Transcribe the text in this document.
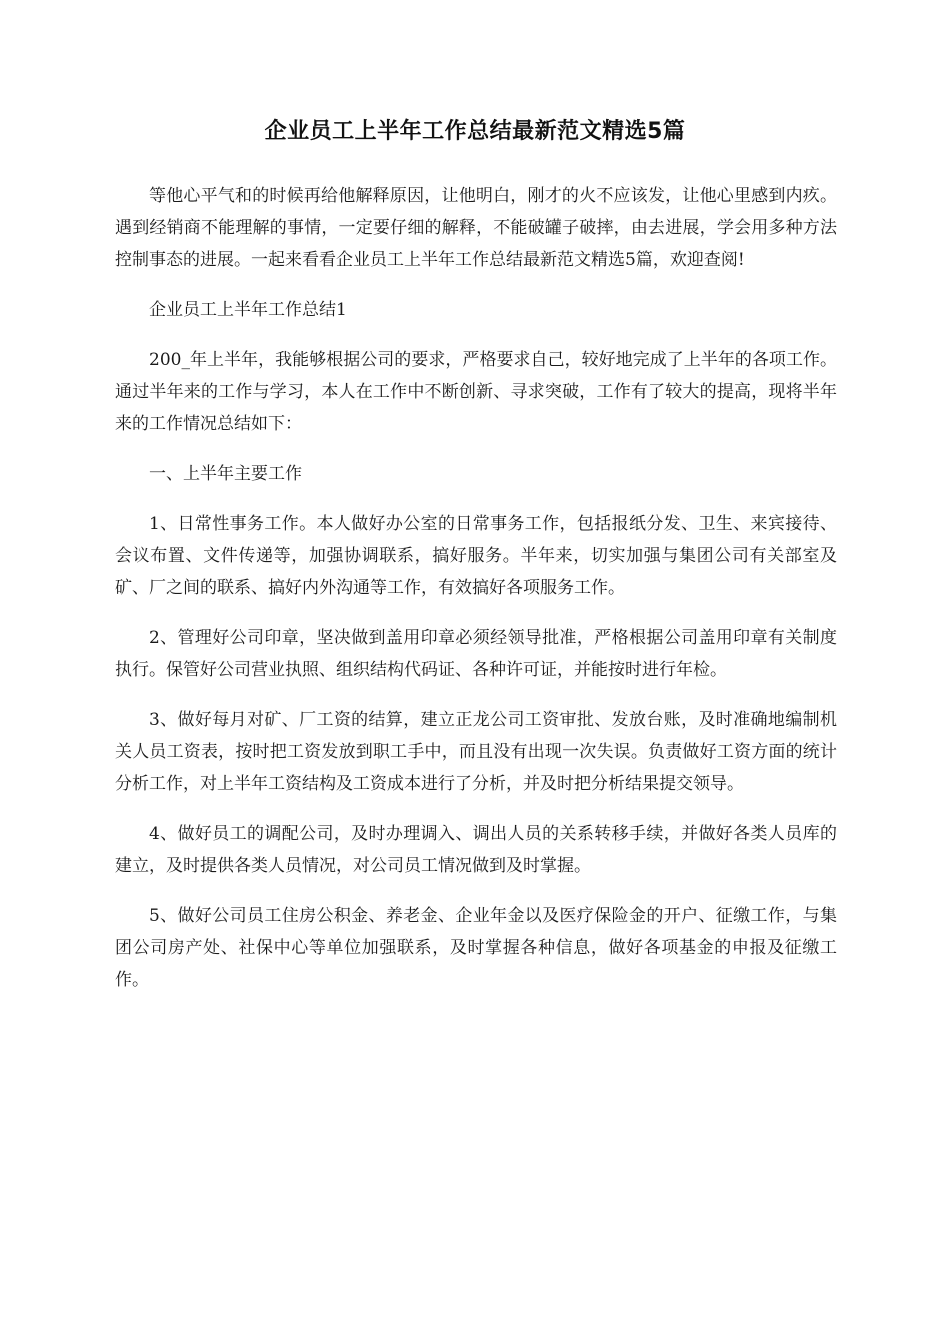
企业员工上半年工作总结最新范文精选5篇

等他心平气和的时候再给他解释原因，让他明白，刚才的火不应该发，让他心里感到内疚。遇到经销商不能理解的事情，一定要仔细的解释，不能破罐子破摔，由去进展，学会用多种方法控制事态的进展。一起来看看企业员工上半年工作总结最新范文精选5篇，欢迎查阅!

企业员工上半年工作总结1

200_年上半年，我能够根据公司的要求，严格要求自己，较好地完成了上半年的各项工作。通过半年来的工作与学习，本人在工作中不断创新、寻求突破，工作有了较大的提高，现将半年来的工作情况总结如下：

一、上半年主要工作

1、日常性事务工作。本人做好办公室的日常事务工作，包括报纸分发、卫生、来宾接待、会议布置、文件传递等，加强协调联系，搞好服务。半年来，切实加强与集团公司有关部室及矿、厂之间的联系、搞好内外沟通等工作，有效搞好各项服务工作。

2、管理好公司印章，坚决做到盖用印章必须经领导批准，严格根据公司盖用印章有关制度执行。保管好公司营业执照、组织结构代码证、各种许可证，并能按时进行年检。

3、做好每月对矿、厂工资的结算，建立正龙公司工资审批、发放台账，及时准确地编制机关人员工资表，按时把工资发放到职工手中，而且没有出现一次失误。负责做好工资方面的统计分析工作，对上半年工资结构及工资成本进行了分析，并及时把分析结果提交领导。

4、做好员工的调配公司，及时办理调入、调出人员的关系转移手续，并做好各类人员库的建立，及时提供各类人员情况，对公司员工情况做到及时掌握。

5、做好公司员工住房公积金、养老金、企业年金以及医疗保险金的开户、征缴工作，与集团公司房产处、社保中心等单位加强联系，及时掌握各种信息，做好各项基金的申报及征缴工作。
